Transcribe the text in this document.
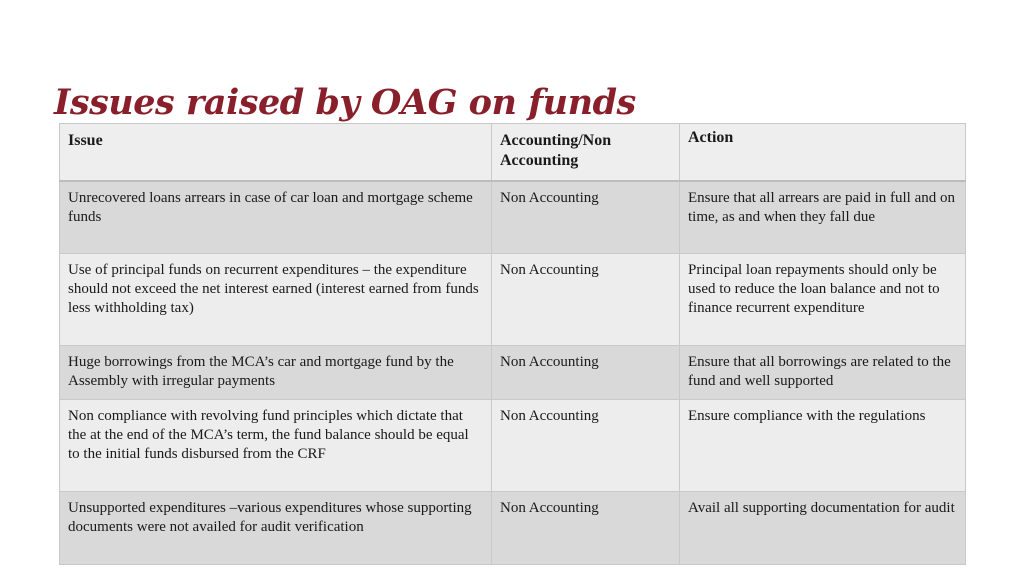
Issues raised by OAG on funds
Issue	Accounting/Non Accounting	Action
Unrecovered loans arrears in case of car loan and mortgage scheme funds	Non Accounting	Ensure that all arrears are paid in full and on time, as and when they fall due
Use of principal funds on recurrent expenditures – the expenditure should not exceed the net interest earned (interest earned from funds less withholding tax)	Non Accounting	Principal loan repayments should only be used to reduce the loan balance and not to finance recurrent expenditure
Huge borrowings from the MCA’s car and mortgage fund by the Assembly with irregular payments	Non Accounting	Ensure that all borrowings are related to the fund and well supported
Non compliance with revolving fund principles which dictate that the at the end of the MCA’s term, the fund balance should be equal to the initial funds disbursed from the CRF	Non Accounting	Ensure compliance with the regulations
Unsupported expenditures –various expenditures whose supporting documents were not availed for audit verification	Non Accounting	Avail all supporting documentation for audit
